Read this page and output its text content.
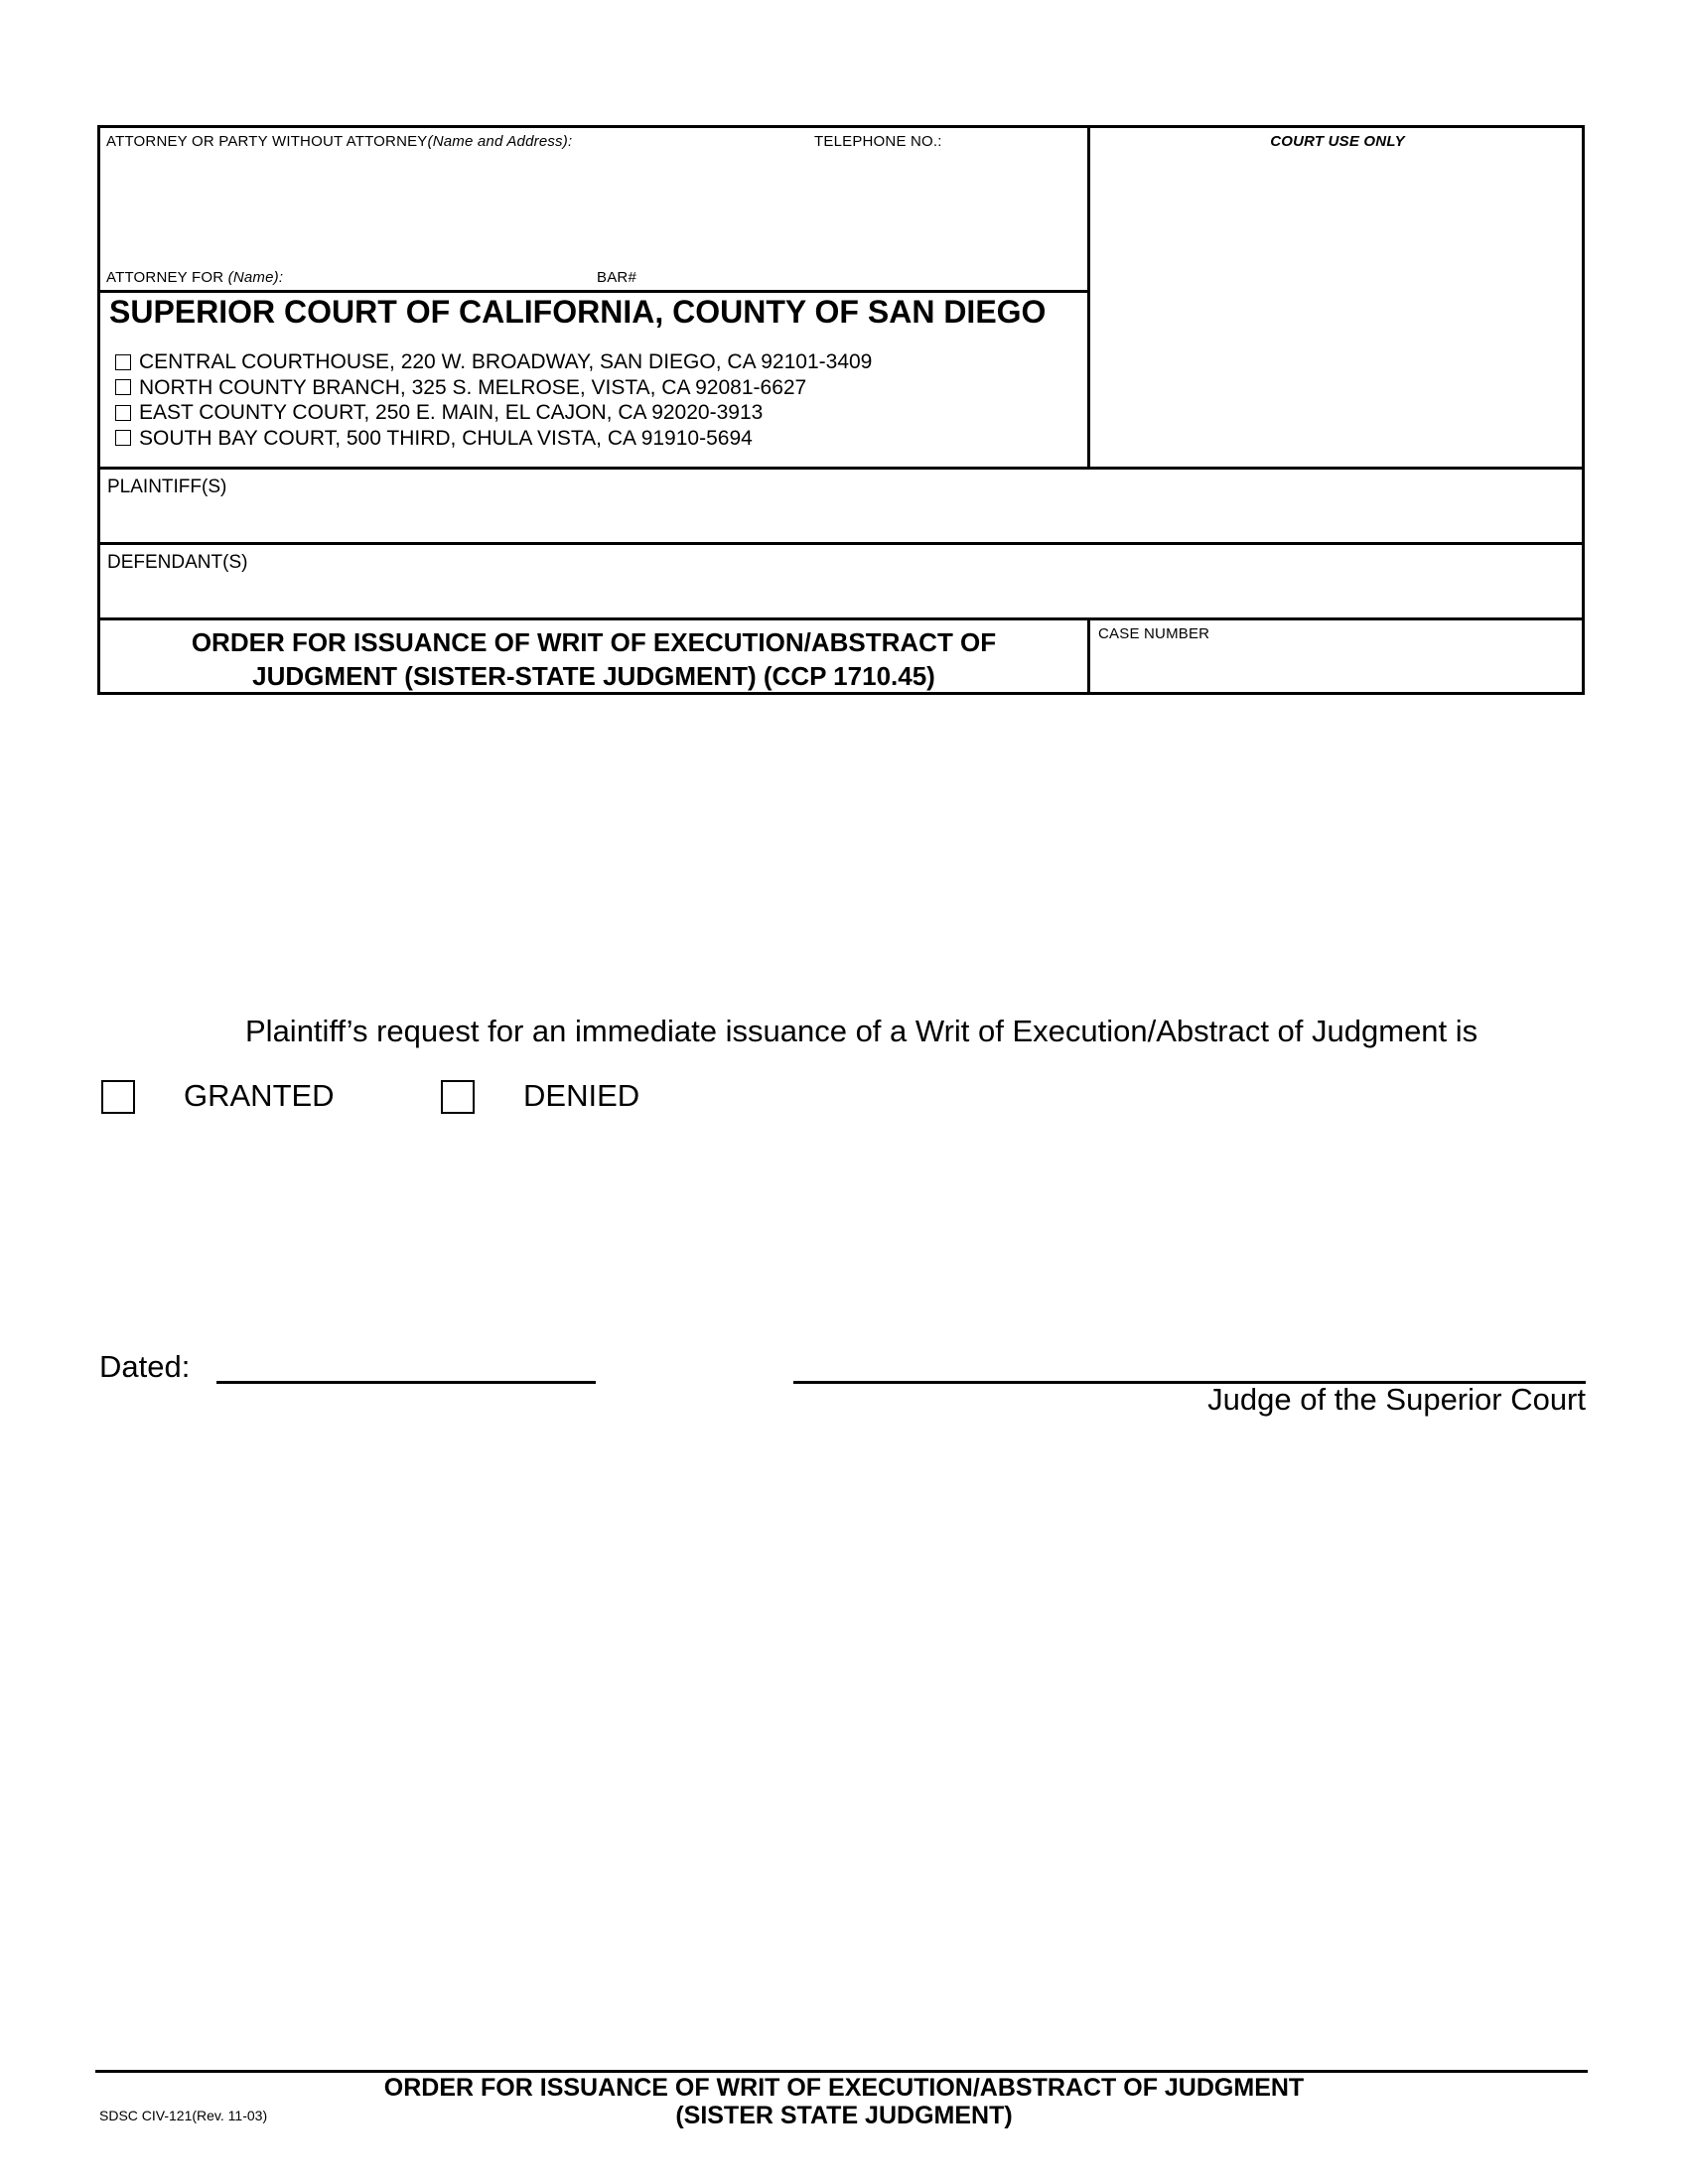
ATTORNEY OR PARTY WITHOUT ATTORNEY(Name and Address):	TELEPHONE NO.:	COURT USE ONLY
ATTORNEY FOR (Name):	BAR#
SUPERIOR COURT OF CALIFORNIA, COUNTY OF SAN DIEGO
CENTRAL COURTHOUSE, 220 W. BROADWAY, SAN DIEGO, CA 92101-3409
NORTH COUNTY BRANCH, 325 S. MELROSE, VISTA, CA 92081-6627
EAST COUNTY COURT, 250 E. MAIN, EL CAJON, CA 92020-3913
SOUTH BAY COURT, 500 THIRD, CHULA VISTA, CA 91910-5694
PLAINTIFF(S)
DEFENDANT(S)
ORDER FOR ISSUANCE OF WRIT OF EXECUTION/ABSTRACT OF
JUDGMENT (SISTER-STATE JUDGMENT) (CCP 1710.45)
CASE NUMBER
Plaintiff’s request for an immediate issuance of a Writ of Execution/Abstract of Judgment is
GRANTED	DENIED
Dated:
Judge of the Superior Court
ORDER FOR ISSUANCE OF WRIT OF EXECUTION/ABSTRACT OF JUDGMENT
(SISTER STATE JUDGMENT)
SDSC CIV-121(Rev. 11-03)
